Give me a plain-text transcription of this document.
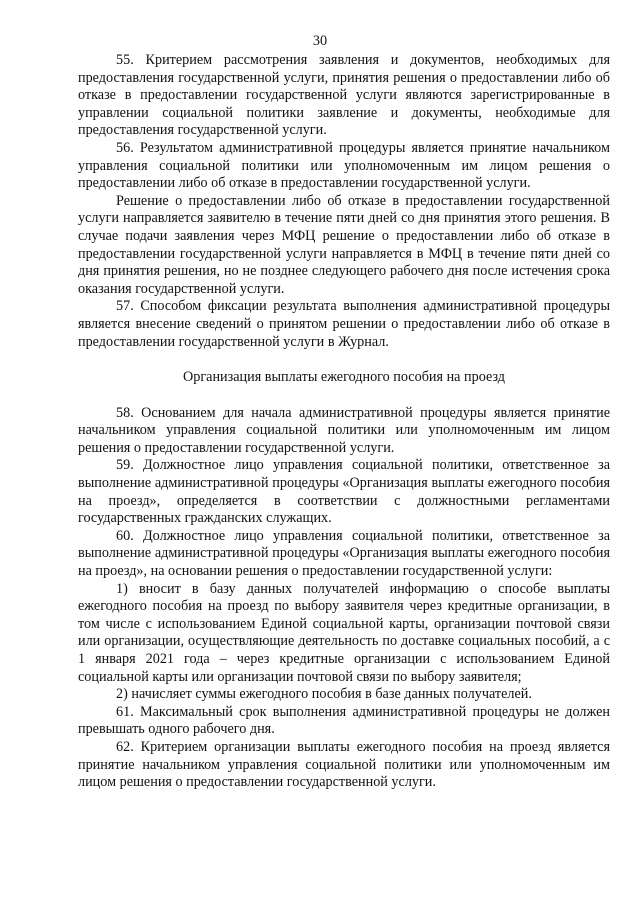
30

55. Критерием рассмотрения заявления и документов, необходимых для предоставления государственной услуги, принятия решения о предоставлении либо об отказе в предоставлении государственной услуги являются зарегистрированные в управлении социальной политики заявление и документы, необходимые для предоставления государственной услуги.

56. Результатом административной процедуры является принятие начальником управления социальной политики или уполномоченным им лицом решения о предоставлении либо об отказе в предоставлении государственной услуги.

Решение о предоставлении либо об отказе в предоставлении государственной услуги направляется заявителю в течение пяти дней со дня принятия этого решения. В случае подачи заявления через МФЦ решение о предоставлении либо об отказе в предоставлении государственной услуги направляется в МФЦ в течение пяти дней со дня принятия решения, но не позднее следующего рабочего дня после истечения срока оказания государственной услуги.

57. Способом фиксации результата выполнения административной процедуры является внесение сведений о принятом решении о предоставлении либо об отказе в предоставлении государственной услуги в Журнал.

Организация выплаты ежегодного пособия на проезд

58. Основанием для начала административной процедуры является принятие начальником управления социальной политики или уполномоченным им лицом решения о предоставлении государственной услуги.

59. Должностное лицо управления социальной политики, ответственное за выполнение административной процедуры «Организация выплаты ежегодного пособия на проезд», определяется в соответствии с должностными регламентами государственных гражданских служащих.

60. Должностное лицо управления социальной политики, ответственное за выполнение административной процедуры «Организация выплаты ежегодного пособия на проезд», на основании решения о предоставлении государственной услуги:

1) вносит в базу данных получателей информацию о способе выплаты ежегодного пособия на проезд по выбору заявителя через кредитные организации, в том числе с использованием Единой социальной карты, организации почтовой связи или организации, осуществляющие деятельность по доставке социальных пособий, а с 1 января 2021 года – через кредитные организации с использованием Единой социальной карты или организации почтовой связи по выбору заявителя;

2) начисляет суммы ежегодного пособия в базе данных получателей.

61. Максимальный срок выполнения административной процедуры не должен превышать одного рабочего дня.

62. Критерием организации выплаты ежегодного пособия на проезд является принятие начальником управления социальной политики или уполномоченным им лицом решения о предоставлении государственной услуги.
